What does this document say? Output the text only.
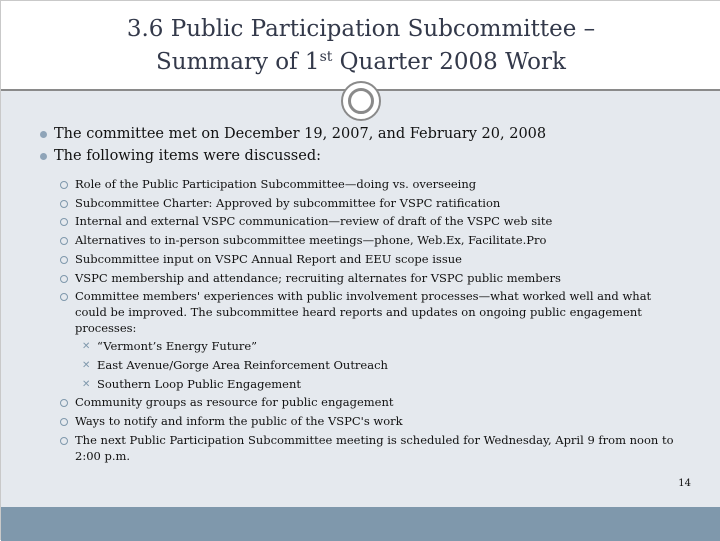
3.6 Public Participation Subcommittee –
Summary of 1st Quarter 2008 Work
The committee met on December 19, 2007, and February 20, 2008
The following items were discussed:
Role of the Public Participation Subcommittee—doing vs. overseeing
Subcommittee Charter: Approved by subcommittee for VSPC ratification
Internal and external VSPC communication—review of draft of the VSPC web site
Alternatives to in-person subcommittee meetings—phone, Web.Ex, Facilitate.Pro
Subcommittee input on VSPC Annual Report and EEU scope issue
VSPC membership and attendance; recruiting alternates for VSPC public members
Committee members' experiences with public involvement processes—what worked well and what could be improved. The subcommittee heard reports and updates on ongoing public engagement processes:
✕ “Vermont’s Energy Future”
✕ East Avenue/Gorge Area Reinforcement Outreach
✕ Southern Loop Public Engagement
Community groups as resource for public engagement
Ways to notify and inform the public of the VSPC's work
The next Public Participation Subcommittee meeting is scheduled for Wednesday, April 9 from noon to 2:00 p.m.
14
